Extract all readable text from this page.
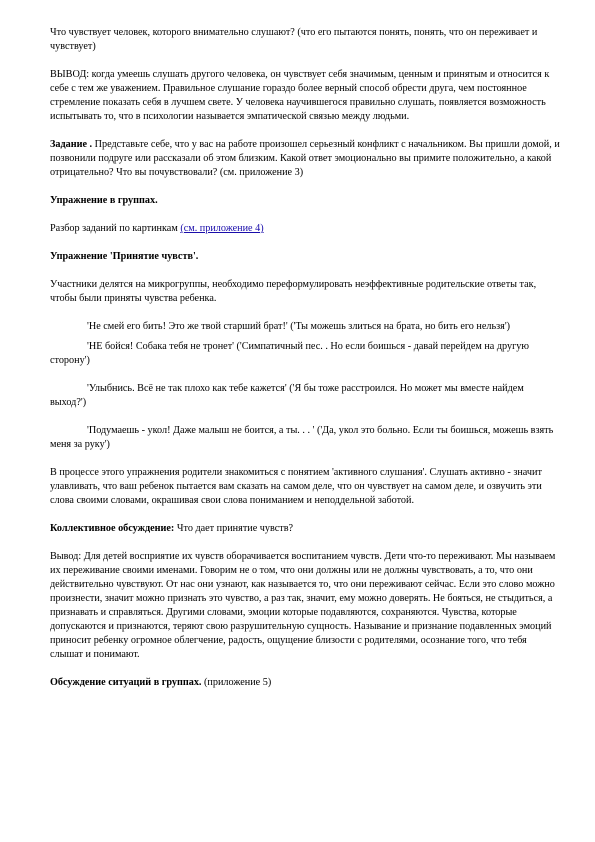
Что чувствует человек, которого внимательно слушают? (что его пытаются понять, понять, что он переживает и чувствует)

ВЫВОД: когда умеешь слушать другого человека, он чувствует себя значимым, ценным и принятым и относится к себе с тем же уважением. Правильное слушание гораздо более верный способ обрести друга, чем постоянное стремление показать себя в лучшем свете. У человека научившегося правильно слушать, появляется возможность испытывать то, что в психологии называется эмпатической связью между людьми.

Задание . Представьте себе, что у вас на работе произошел серьезный конфликт с начальником. Вы пришли домой, и позвонили подруге или рассказали об этом близким. Какой ответ эмоционально вы примите положительно, а какой отрицательно? Что вы почувствовали? (см. приложение 3)

Упражнение в группах.

Разбор заданий по картинкам (см. приложение 4)

Упражнение 'Принятие чувств'.

Участники делятся на микрогруппы, необходимо переформулировать неэффективные родительские ответы так, чтобы были приняты чувства ребенка.

'Не смей его бить! Это же твой старший брат!' ('Ты можешь злиться на брата, но бить его нельзя')

'НЕ бойся! Собака тебя не тронет' ('Симпатичный пес. . Но если боишься - давай перейдем на другую сторону')

'Улыбнись. Всё не так плохо как тебе кажется' ('Я бы тоже расстроился. Но может мы вместе найдем выход?')

'Подумаешь - укол! Даже малыш не боится, а ты. . . ' ('Да, укол это больно. Если ты боишься, можешь взять меня за руку')

В процессе этого упражнения родители знакомиться с понятием 'активного слушания'. Слушать активно - значит улавливать, что ваш ребенок пытается вам сказать на самом деле, что он чувствует на самом деле, и озвучить эти слова своими словами, окрашивая свои слова пониманием и неподдельной заботой.

Коллективное обсуждение: Что дает принятие чувств?

Вывод: Для детей восприятие их чувств оборачивается воспитанием чувств. Дети что-то переживают. Мы называем их переживание своими именами. Говорим не о том, что они должны или не должны чувствовать, а то, что они действительно чувствуют. От нас они узнают, как называется то, что они переживают сейчас. Если это слово можно произнести, значит можно признать это чувство, а раз так, значит, ему можно доверять. Не бояться, не стыдиться, а признавать и справляться. Другими словами, эмоции которые подавляются, сохраняются. Чувства, которые допускаются и признаются, теряют свою разрушительную сущность. Называние и признание подавленных эмоций приносит ребенку огромное облегчение, радость, ощущение близости с родителями, осознание того, что тебя слышат и понимают.

Обсуждение ситуаций в группах. (приложение 5)
